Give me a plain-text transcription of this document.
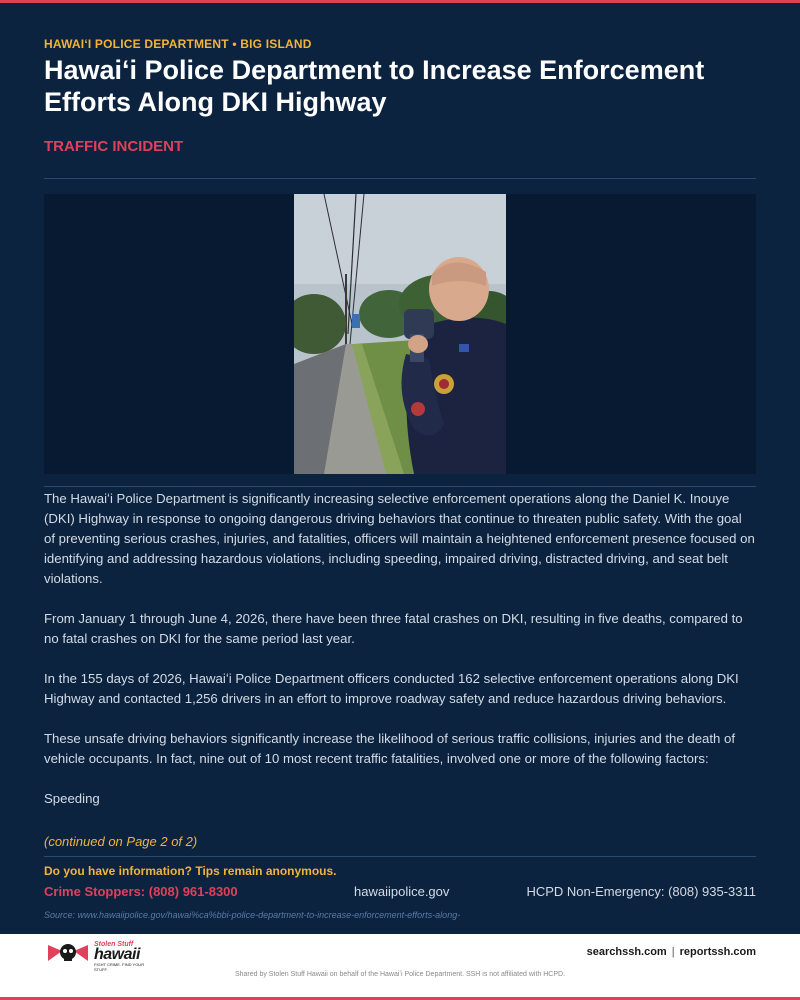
HAWAIʻI POLICE DEPARTMENT • BIG ISLAND
Hawaiʻi Police Department to Increase Enforcement Efforts Along DKI Highway
TRAFFIC INCIDENT

The Hawaiʻi Police Department is significantly increasing selective enforcement operations along the Daniel K. Inouye (DKI) Highway in response to ongoing dangerous driving behaviors that continue to threaten public safety. With the goal of preventing serious crashes, injuries, and fatalities, officers will maintain a heightened enforcement presence focused on identifying and addressing hazardous violations, including speeding, impaired driving, distracted driving, and seat belt violations.

From January 1 through June 4, 2026, there have been three fatal crashes on DKI, resulting in five deaths, compared to no fatal crashes on DKI for the same period last year.

In the 155 days of 2026, Hawaiʻi Police Department officers conducted 162 selective enforcement operations along DKI Highway and contacted 1,256 drivers in an effort to improve roadway safety and reduce hazardous driving behaviors.

These unsafe driving behaviors significantly increase the likelihood of serious traffic collisions, injuries and the death of vehicle occupants. In fact, nine out of 10 most recent traffic fatalities, involved one or more of the following factors:

Speeding

(continued on Page 2 of 2)
Do you have information? Tips remain anonymous.
Crime Stoppers: (808) 961-8300	hawaiipolice.gov	HCPD Non-Emergency: (808) 935-3311
Source: www.hawaiipolice.gov/hawai%ca%bbi-police-department-to-increase-enforcement-efforts-along-
Stolen Stuff
hawaii
FIGHT CRIME. FIND YOUR STUFF.
searchssh.com | reportssh.com
Shared by Stolen Stuff Hawaii on behalf of the Hawaiʻi Police Department. SSH is not affiliated with HCPD.
